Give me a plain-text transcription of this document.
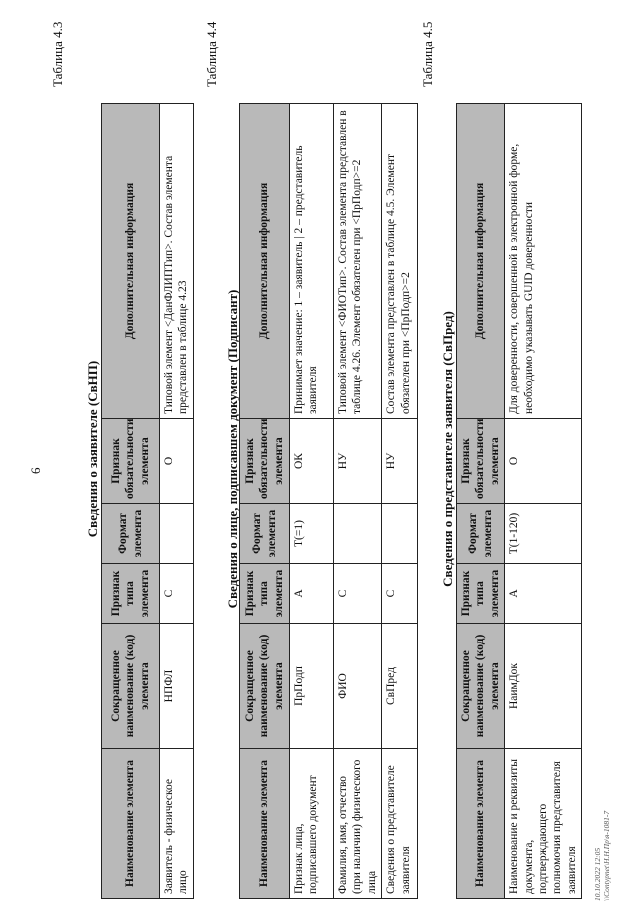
6
Таблица 4.3
Сведения о заявителе (СвНП)
Наименование элемента	Сокращенное наименование (код) элемента	Признак типа элемента	Формат элемента	Признак обязательности элемента	Дополнительная информация
Заявитель - физическое лицо	НПФЛ	С		О	Типовой элемент <ДанФЛИПТип>. Состав элемента представлен в таблице 4.23
Таблица 4.4
Сведения о лице, подписавшем документ (Подписант)
Наименование элемента	Сокращенное наименование (код) элемента	Признак типа элемента	Формат элемента	Признак обязательности элемента	Дополнительная информация
Признак лица, подписавшего документ	ПрПодп	А	Т(=1)	ОК	Принимает значение: 1 – заявитель | 2 – представитель заявителя
Фамилия, имя, отчество (при наличии) физического лица	ФИО	С		НУ	Типовой элемент <ФИОТип>. Состав элемента представлен в таблице 4.26. Элемент обязателен при <ПрПодп>=2
Сведения о представителе заявителя	СвПред	С		НУ	Состав элемента представлен в таблице 4.5. Элемент обязателен при <ПрПодп>=2
Таблица 4.5
Сведения о представителе заявителя (СвПред)
Наименование элемента	Сокращенное наименование (код) элемента	Признак типа элемента	Формат элемента	Признак обязательности элемента	Дополнительная информация
Наименование и реквизиты документа, подтверждающего полномочия представителя заявителя	НаимДок	А	Т(1-120)	О	Для доверенности, совершенной в электронной форме, необходимо указывать GUID доверенности
10.10.2022 12:05 \\Contypnet\Н.Н.Пр\я-1081-7
